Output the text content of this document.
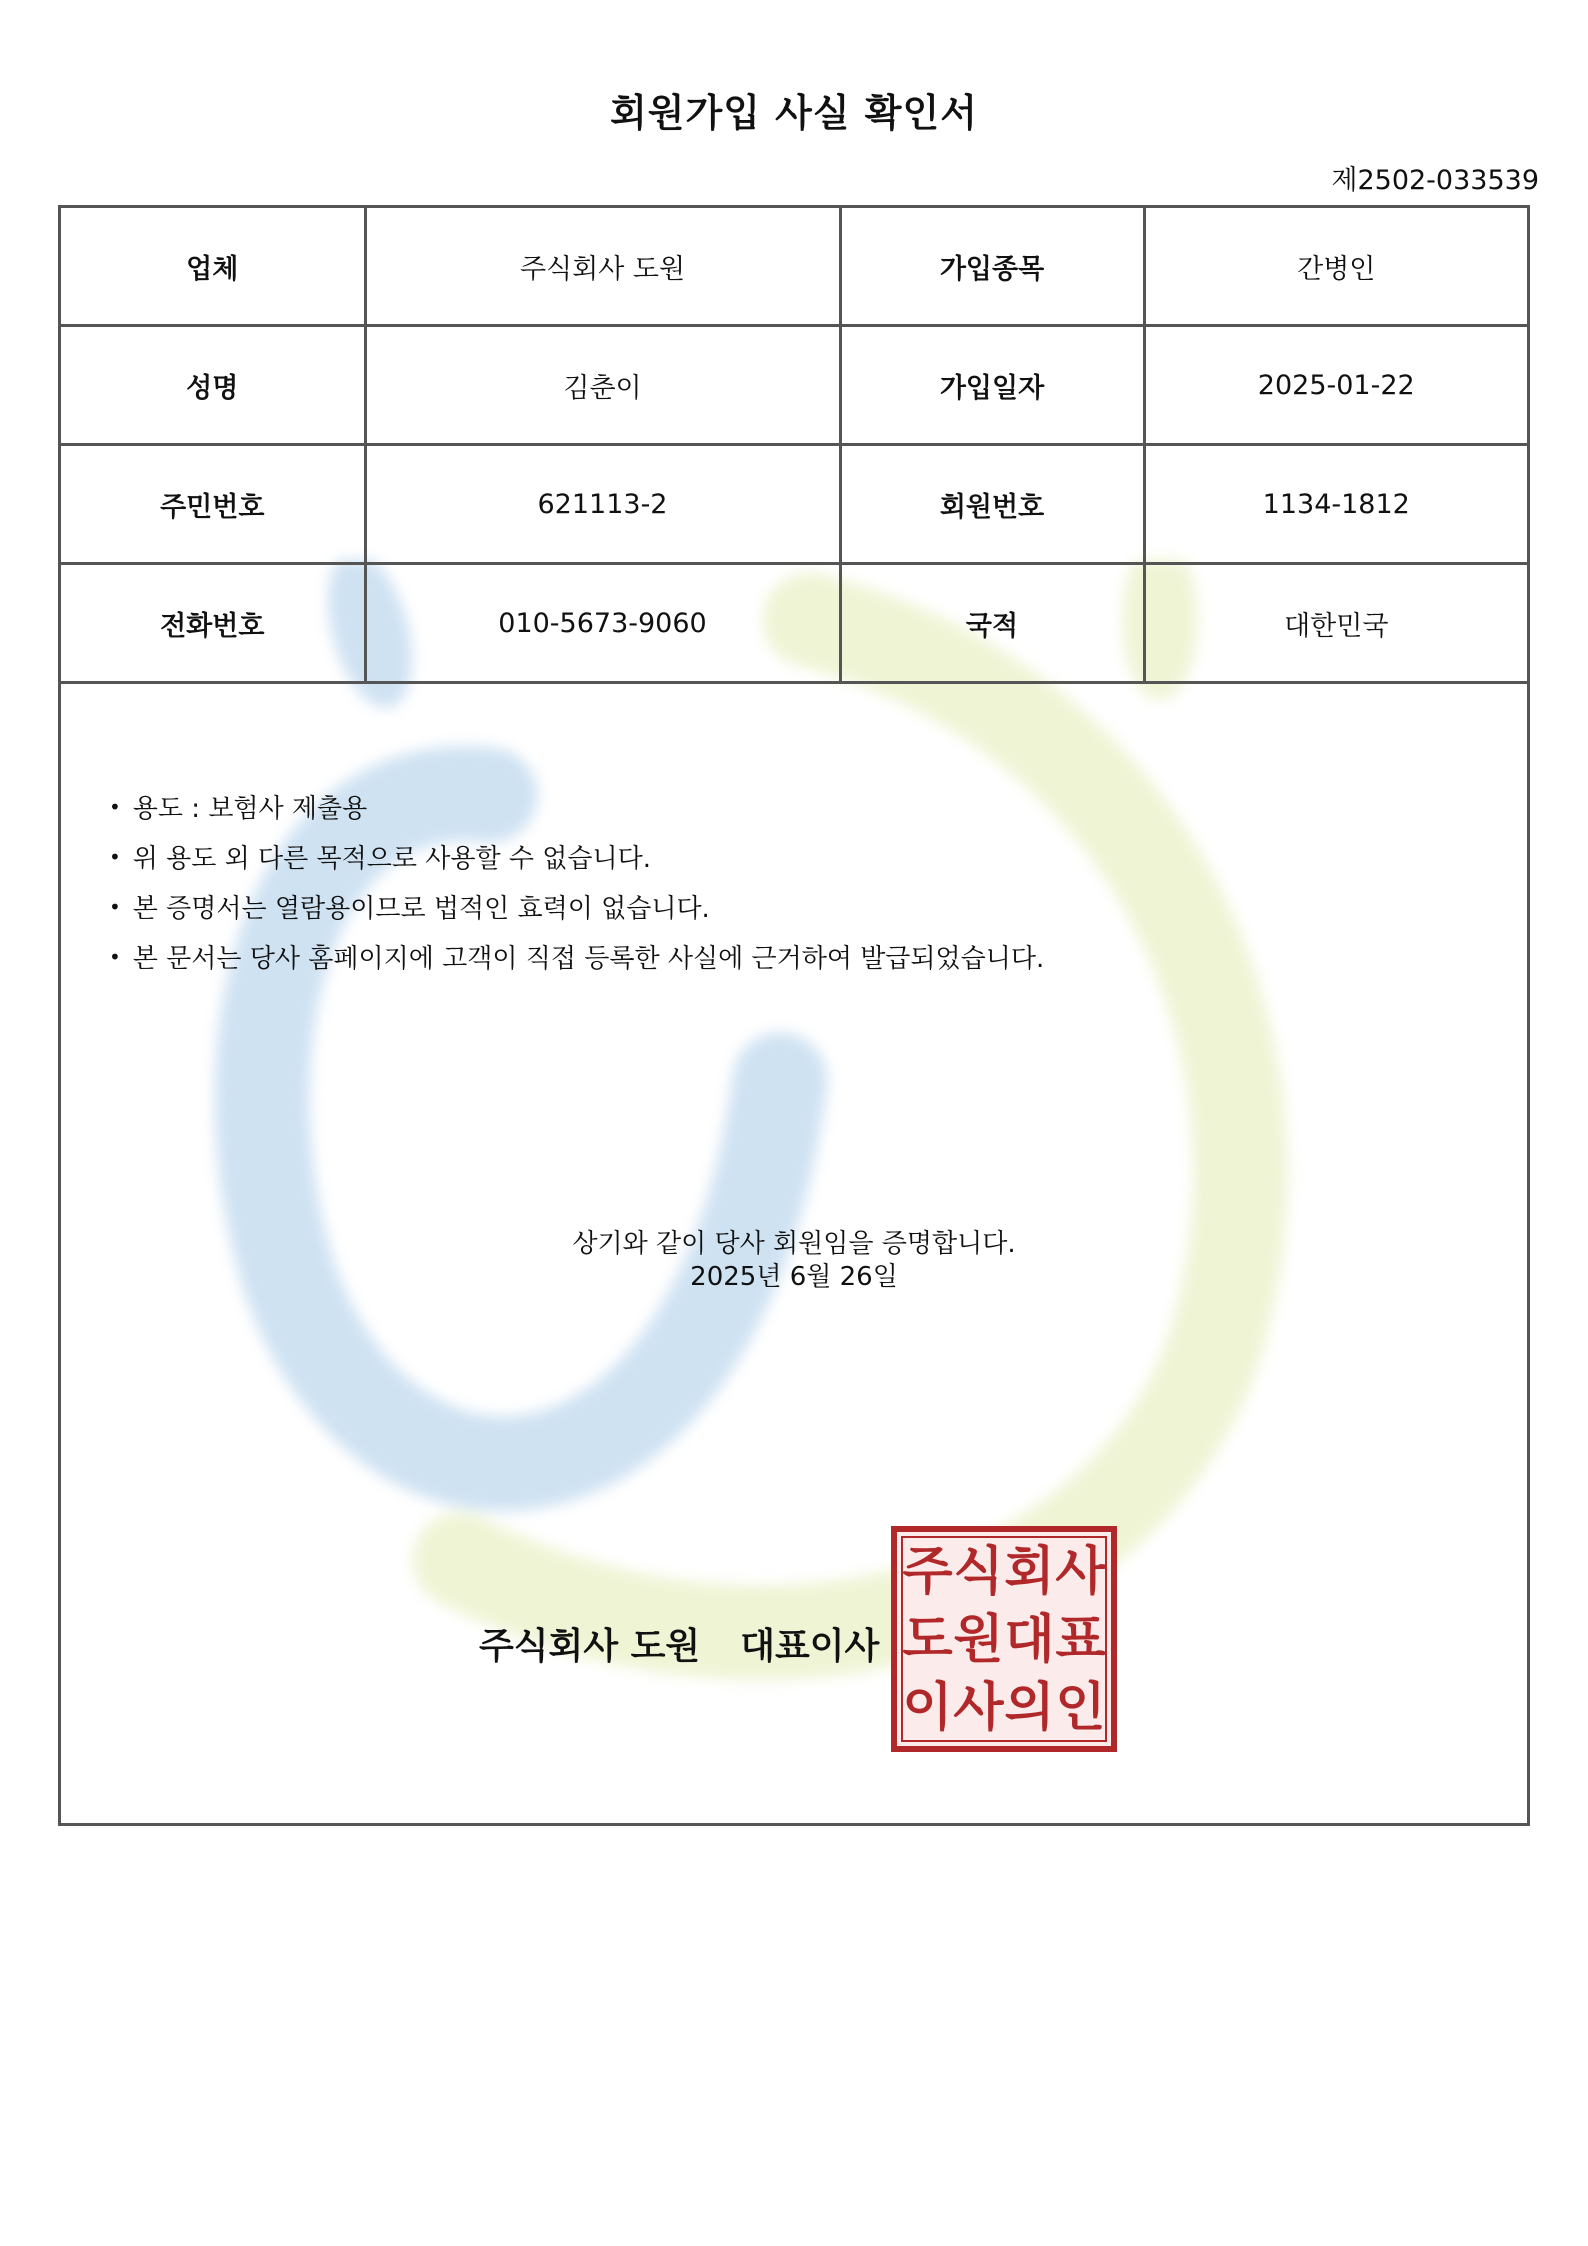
회원가입 사실 확인서
제2502-033539
업체	주식회사 도원	가입종목	간병인
성명	김춘이	가입일자	2025-01-22
주민번호	621113-2	회원번호	1134-1812
전화번호	010-5673-9060	국적	대한민국
• 용도 : 보험사 제출용
• 위 용도 외 다른 목적으로 사용할 수 없습니다.
• 본 증명서는 열람용이므로 법적인 효력이 없습니다.
• 본 문서는 당사 홈페이지에 고객이 직접 등록한 사실에 근거하여 발급되었습니다.
상기와 같이 당사 회원임을 증명합니다.
2025년 6월 26일
주식회사 도원 대표이사
주 식 회 사
도 원 대 표
이 사 의 인
